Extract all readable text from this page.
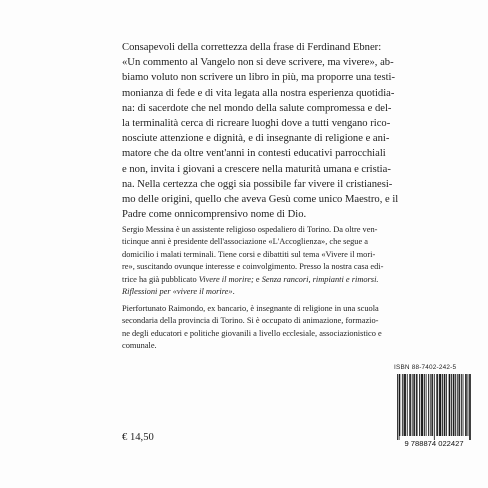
Consapevoli della correttezza della frase di Ferdinand Ebner:
«Un commento al Vangelo non si deve scrivere, ma vivere», ab-
biamo voluto non scrivere un libro in più, ma proporre una testi-
monianza di fede e di vita legata alla nostra esperienza quotidia-
na: di sacerdote che nel mondo della salute compromessa e del-
la terminalità cerca di ricreare luoghi dove a tutti vengano rico-
nosciute attenzione e dignità, e di insegnante di religione e ani-
matore che da oltre vent'anni in contesti educativi parrocchiali
e non, invita i giovani a crescere nella maturità umana e cristia-
na. Nella certezza che oggi sia possibile far vivere il cristianesi-
mo delle origini, quello che aveva Gesù come unico Maestro, e il
Padre come onnicomprensivo nome di Dio.
Sergio Messina è un assistente religioso ospedaliero di Torino. Da oltre ven-
ticinque anni è presidente dell'associazione «L'Accoglienza», che segue a
domicilio i malati terminali. Tiene corsi e dibattiti sul tema «Vivere il mori-
re», suscitando ovunque interesse e coinvolgimento. Presso la nostra casa edi-
trice ha già pubblicato Vivere il morire; e Senza rancori, rimpianti e rimorsi.
Riflessioni per «vivere il morire».
Pierfortunato Raimondo, ex bancario, è insegnante di religione in una scuola
secondaria della provincia di Torino. Si è occupato di animazione, formazio-
ne degli educatori e politiche giovanili a livello ecclesiale, associazionistico e
comunale.
ISBN 88-7402-242-5
9 788874 022427
€ 14,50
